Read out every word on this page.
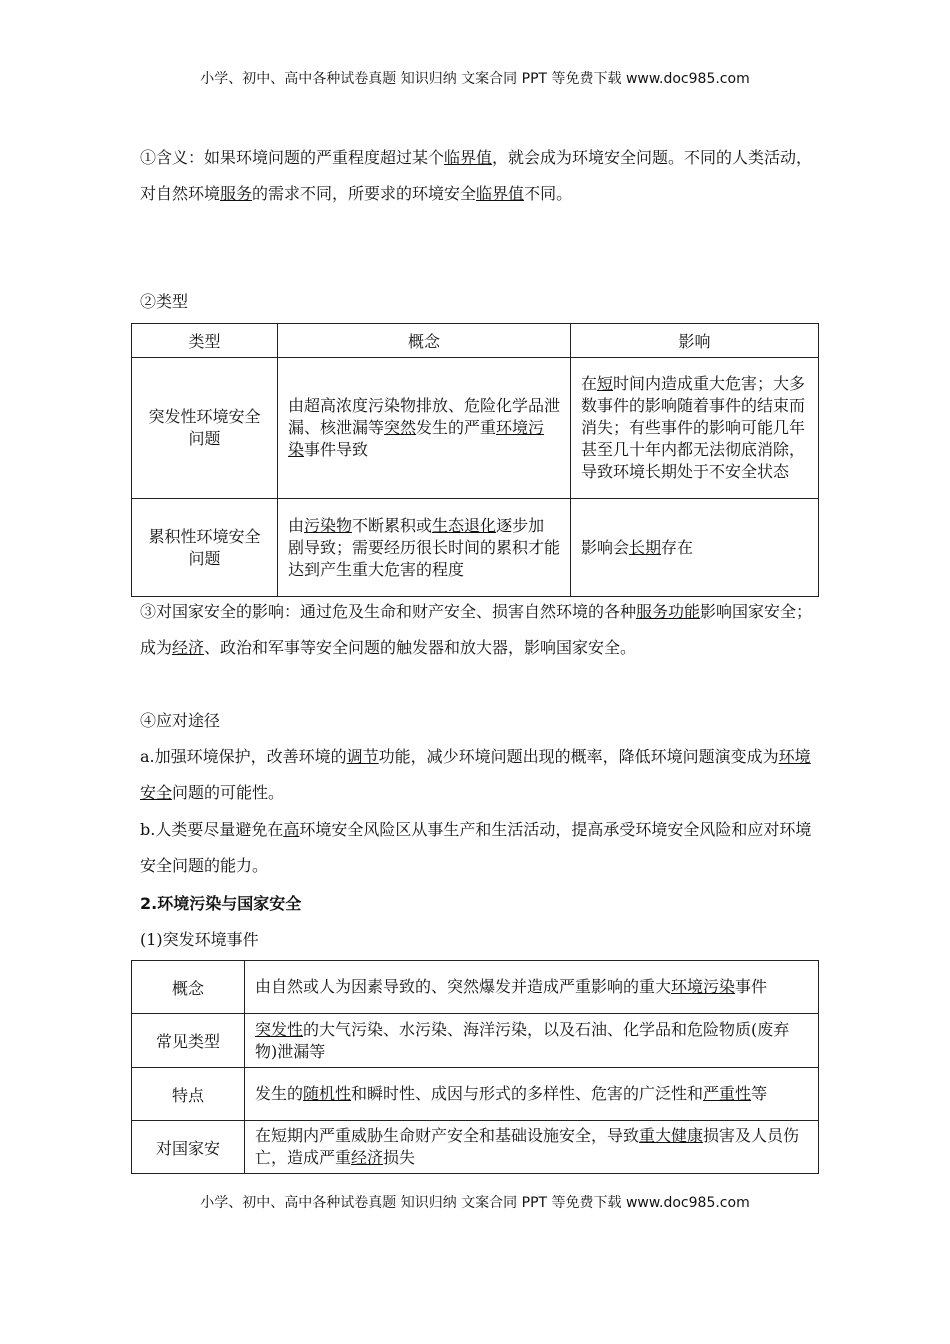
小学、初中、高中各种试卷真题 知识归纳 文案合同 PPT 等免费下载 www.doc985.com
①含义：如果环境问题的严重程度超过某个临界值，就会成为环境安全问题。不同的人类活动，对自然环境服务的需求不同，所要求的环境安全临界值不同。
②类型
类型	概念	影响
突发性环境安全问题	由超高浓度污染物排放、危险化学品泄漏、核泄漏等突然发生的严重环境污染事件导致	在短时间内造成重大危害；大多数事件的影响随着事件的结束而消失；有些事件的影响可能几年甚至几十年内都无法彻底消除，导致环境长期处于不安全状态
累积性环境安全问题	由污染物不断累积或生态退化逐步加剧导致；需要经历很长时间的累积才能达到产生重大危害的程度	影响会长期存在
③对国家安全的影响：通过危及生命和财产安全、损害自然环境的各种服务功能影响国家安全；成为经济、政治和军事等安全问题的触发器和放大器，影响国家安全。
④应对途径
a.加强环境保护，改善环境的调节功能，减少环境问题出现的概率，降低环境问题演变成为环境安全问题的可能性。
b.人类要尽量避免在高环境安全风险区从事生产和生活活动，提高承受环境安全风险和应对环境安全问题的能力。
2.环境污染与国家安全
(1)突发环境事件
概念	由自然或人为因素导致的、突然爆发并造成严重影响的重大环境污染事件
常见类型	突发性的大气污染、水污染、海洋污染，以及石油、化学品和危险物质(废弃物)泄漏等
特点	发生的随机性和瞬时性、成因与形式的多样性、危害的广泛性和严重性等
对国家安	在短期内严重威胁生命财产安全和基础设施安全，导致重大健康损害及人员伤亡，造成严重经济损失
小学、初中、高中各种试卷真题 知识归纳 文案合同 PPT 等免费下载 www.doc985.com
